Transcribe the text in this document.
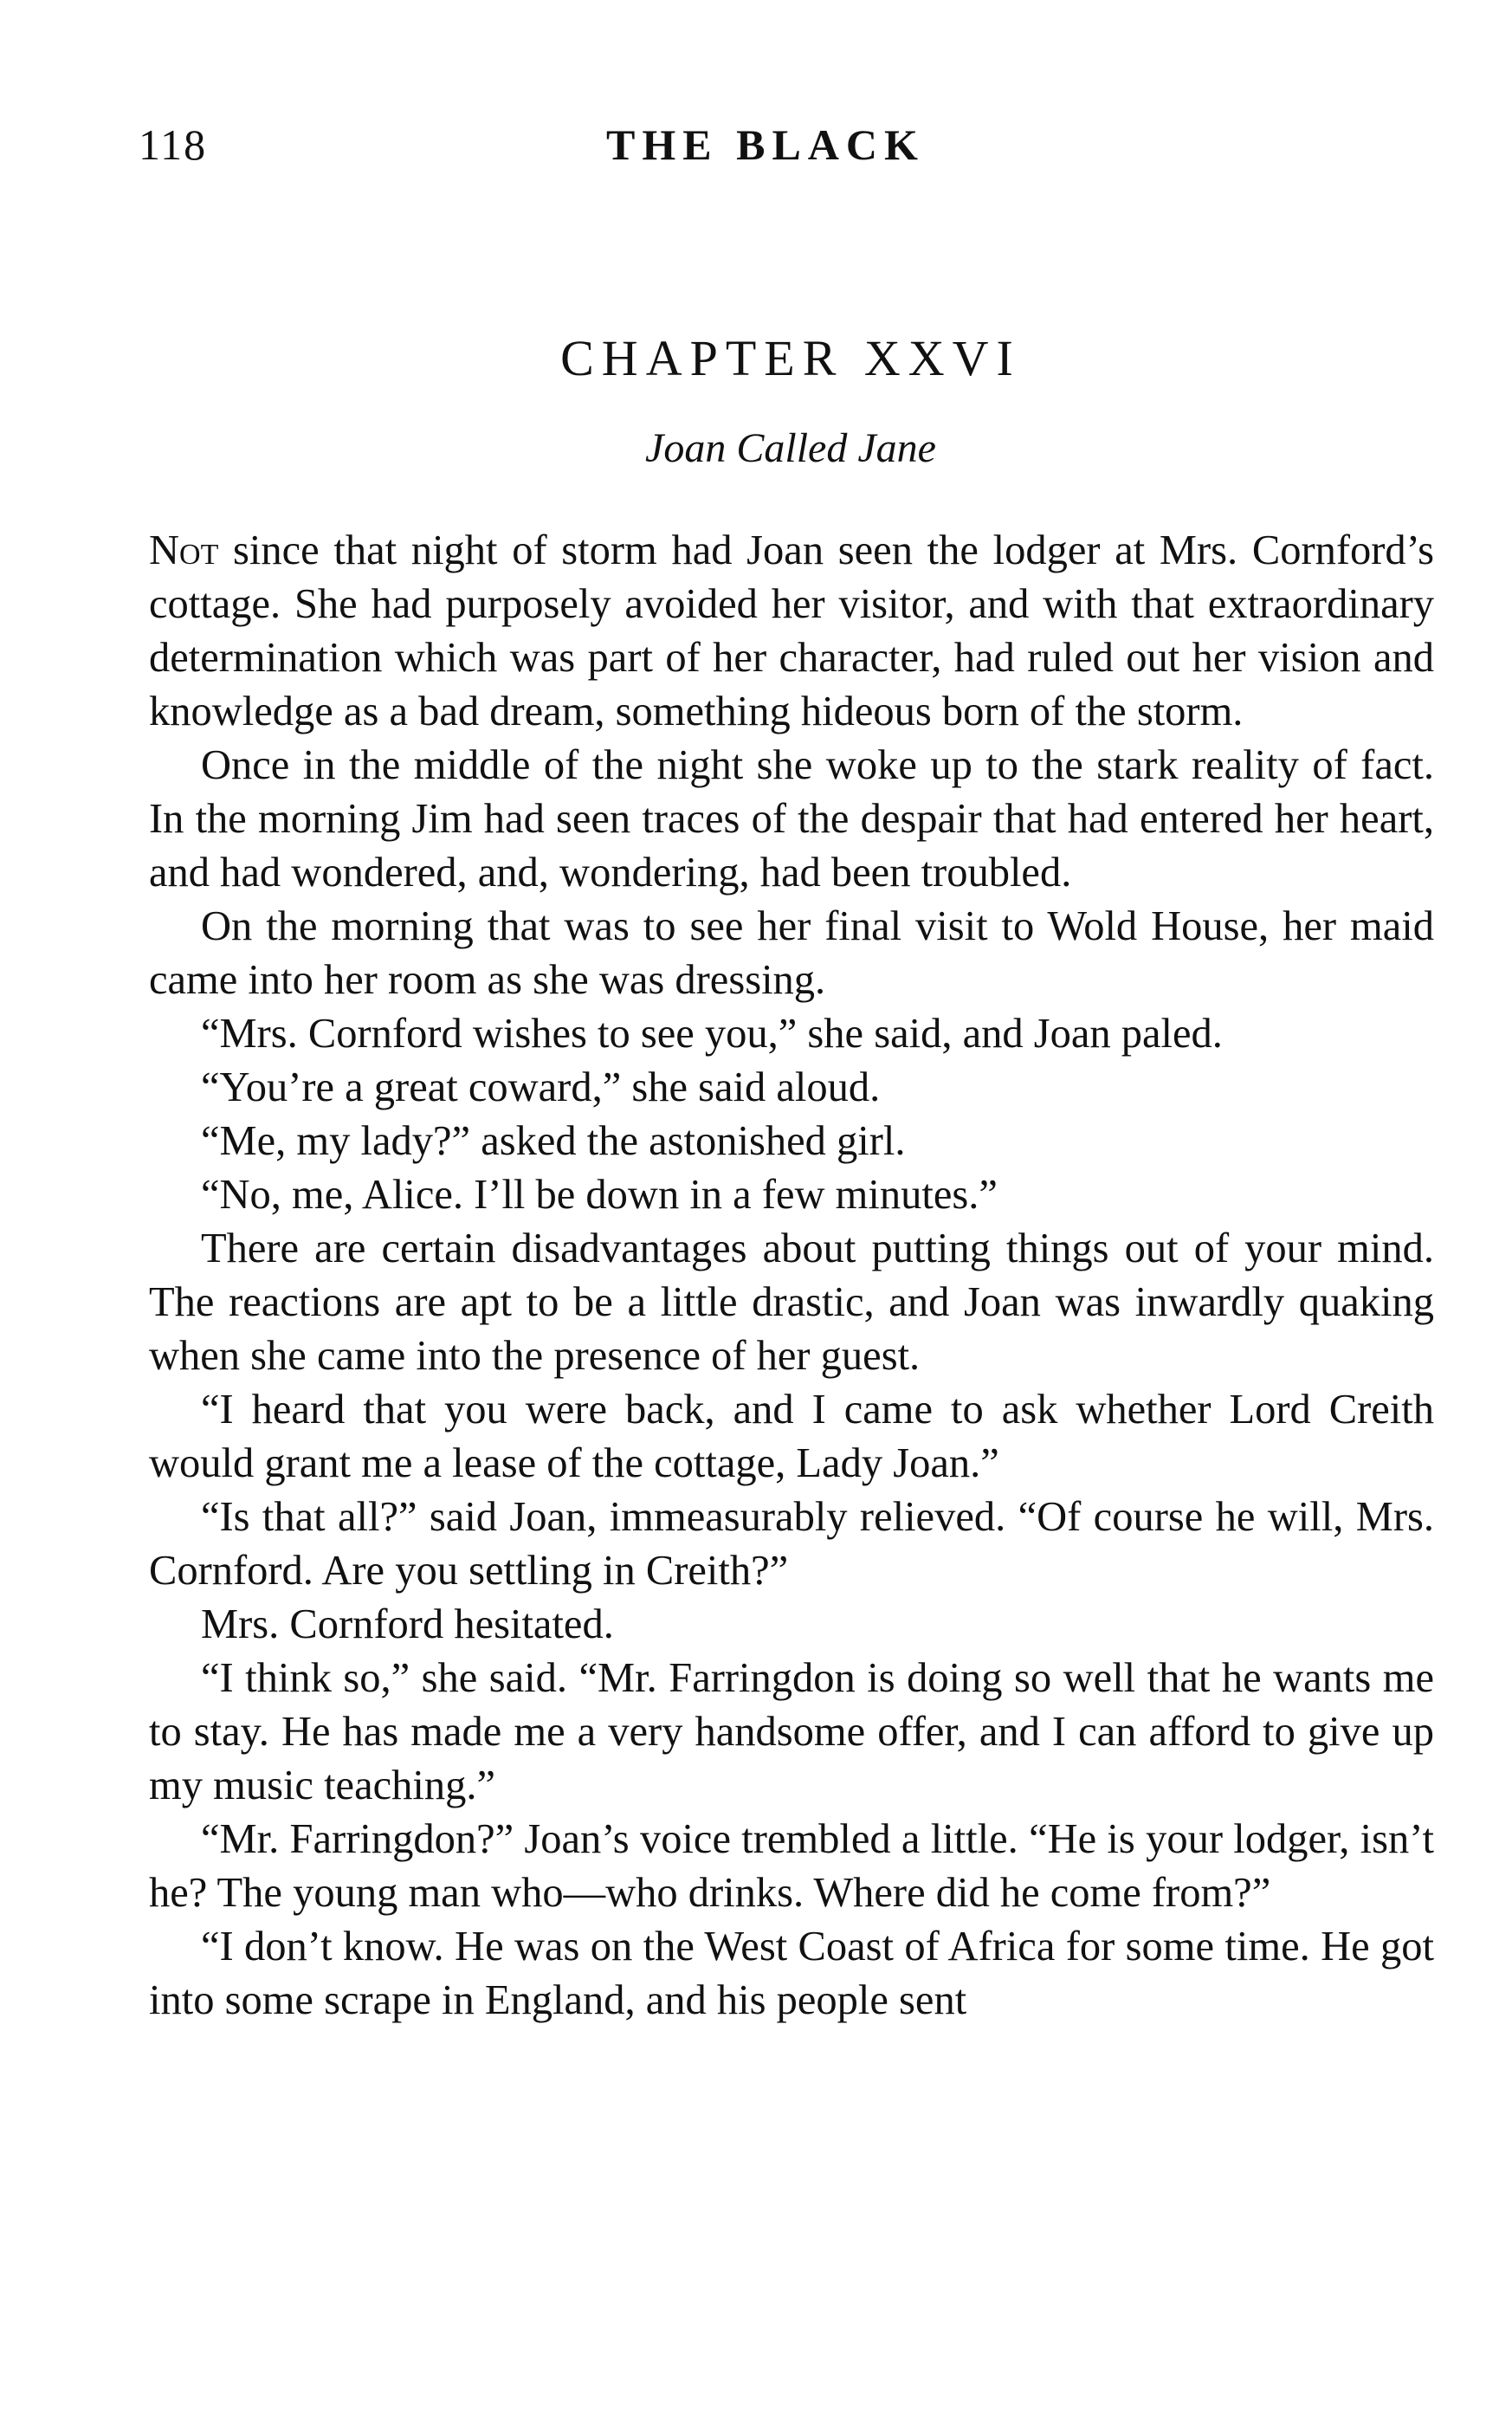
118	THE BLACK
CHAPTER XXVI
Joan Called Jane

Not since that night of storm had Joan seen the lodger at Mrs. Cornford’s cottage. She had purposely avoided her visitor, and with that extraordinary determination which was part of her character, had ruled out her vision and knowledge as a bad dream, something hideous born of the storm.

Once in the middle of the night she woke up to the stark reality of fact. In the morning Jim had seen traces of the despair that had entered her heart, and had wondered, and, wondering, had been troubled.

On the morning that was to see her final visit to Wold House, her maid came into her room as she was dressing.

“Mrs. Cornford wishes to see you,” she said, and Joan paled.

“You’re a great coward,” she said aloud.

“Me, my lady?” asked the astonished girl.

“No, me, Alice. I’ll be down in a few minutes.”

There are certain disadvantages about putting things out of your mind. The reactions are apt to be a little drastic, and Joan was inwardly quaking when she came into the presence of her guest.

“I heard that you were back, and I came to ask whether Lord Creith would grant me a lease of the cottage, Lady Joan.”

“Is that all?” said Joan, immeasurably relieved. “Of course he will, Mrs. Cornford. Are you settling in Creith?”

Mrs. Cornford hesitated.

“I think so,” she said. “Mr. Farringdon is doing so well that he wants me to stay. He has made me a very handsome offer, and I can afford to give up my music teaching.”

“Mr. Farringdon?” Joan’s voice trembled a little. “He is your lodger, isn’t he? The young man who—who drinks. Where did he come from?”

“I don’t know. He was on the West Coast of Africa for some time. He got into some scrape in England, and his people sent
